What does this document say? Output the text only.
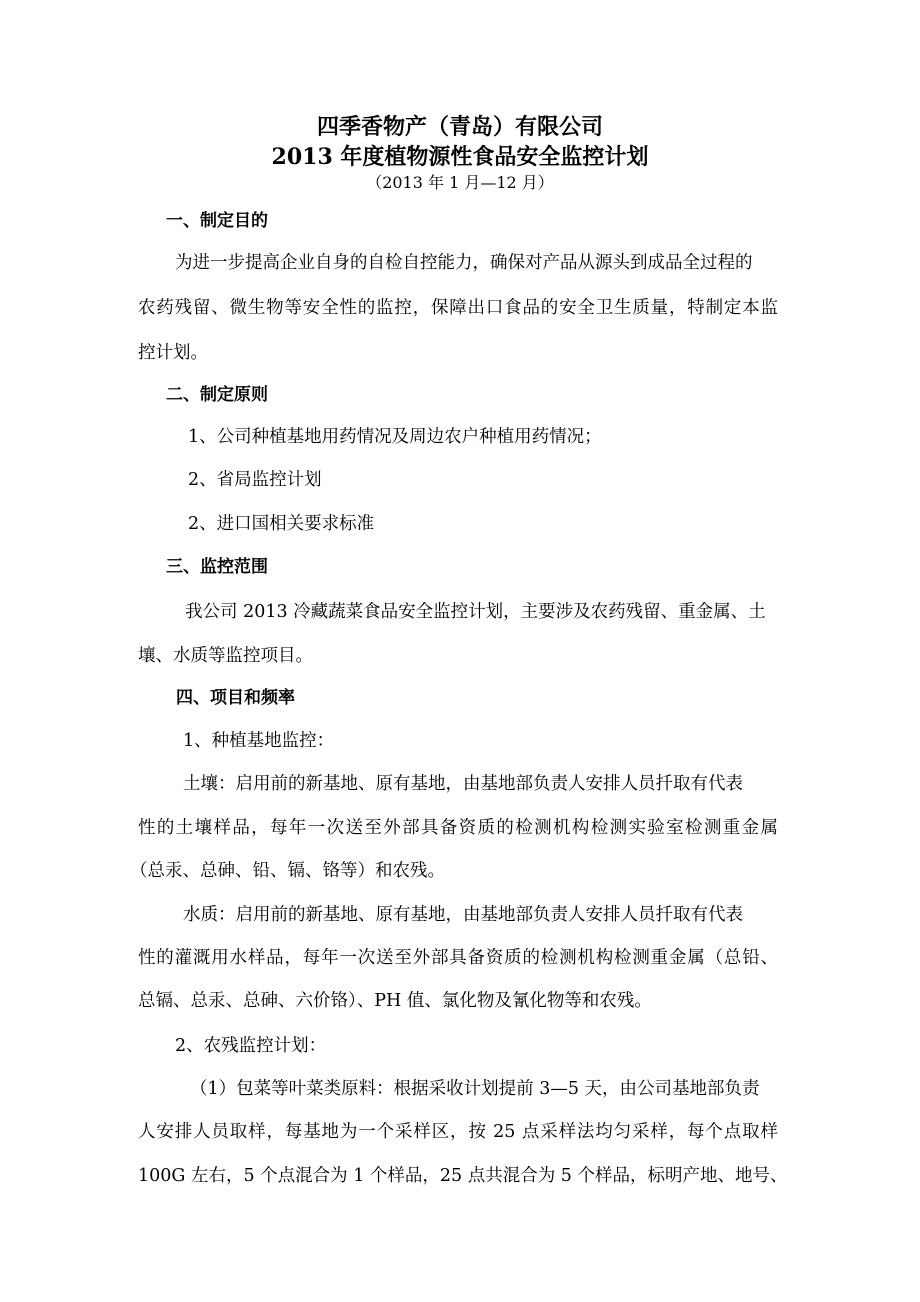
四季香物产（青岛）有限公司
2013 年度植物源性食品安全监控计划
（2013 年 1 月—12 月）
一、制定目的
为进一步提高企业自身的自检自控能力，确保对产品从源头到成品全过程的
农药残留、微生物等安全性的监控，保障出口食品的安全卫生质量，特制定本监
控计划。
二、制定原则
1、公司种植基地用药情况及周边农户种植用药情况；
2、省局监控计划
2、进口国相关要求标准
三、监控范围
我公司 2013 冷藏蔬菜食品安全监控计划，主要涉及农药残留、重金属、土
壤、水质等监控项目。
四、项目和频率
1、种植基地监控：
土壤：启用前的新基地、原有基地，由基地部负责人安排人员扦取有代表
性的土壤样品，每年一次送至外部具备资质的检测机构检测实验室检测重金属
（总汞、总砷、铅、镉、铬等）和农残。
水质：启用前的新基地、原有基地，由基地部负责人安排人员扦取有代表
性的灌溉用水样品，每年一次送至外部具备资质的检测机构检测重金属（总铅、
总镉、总汞、总砷、六价铬）、PH 值、氯化物及氰化物等和农残。
2、农残监控计划：
（1）包菜等叶菜类原料：根据采收计划提前 3—5 天，由公司基地部负责
人安排人员取样，每基地为一个采样区，按 25 点采样法均匀采样，每个点取样
100G 左右，5 个点混合为 1 个样品，25 点共混合为 5 个样品，标明产地、地号、
